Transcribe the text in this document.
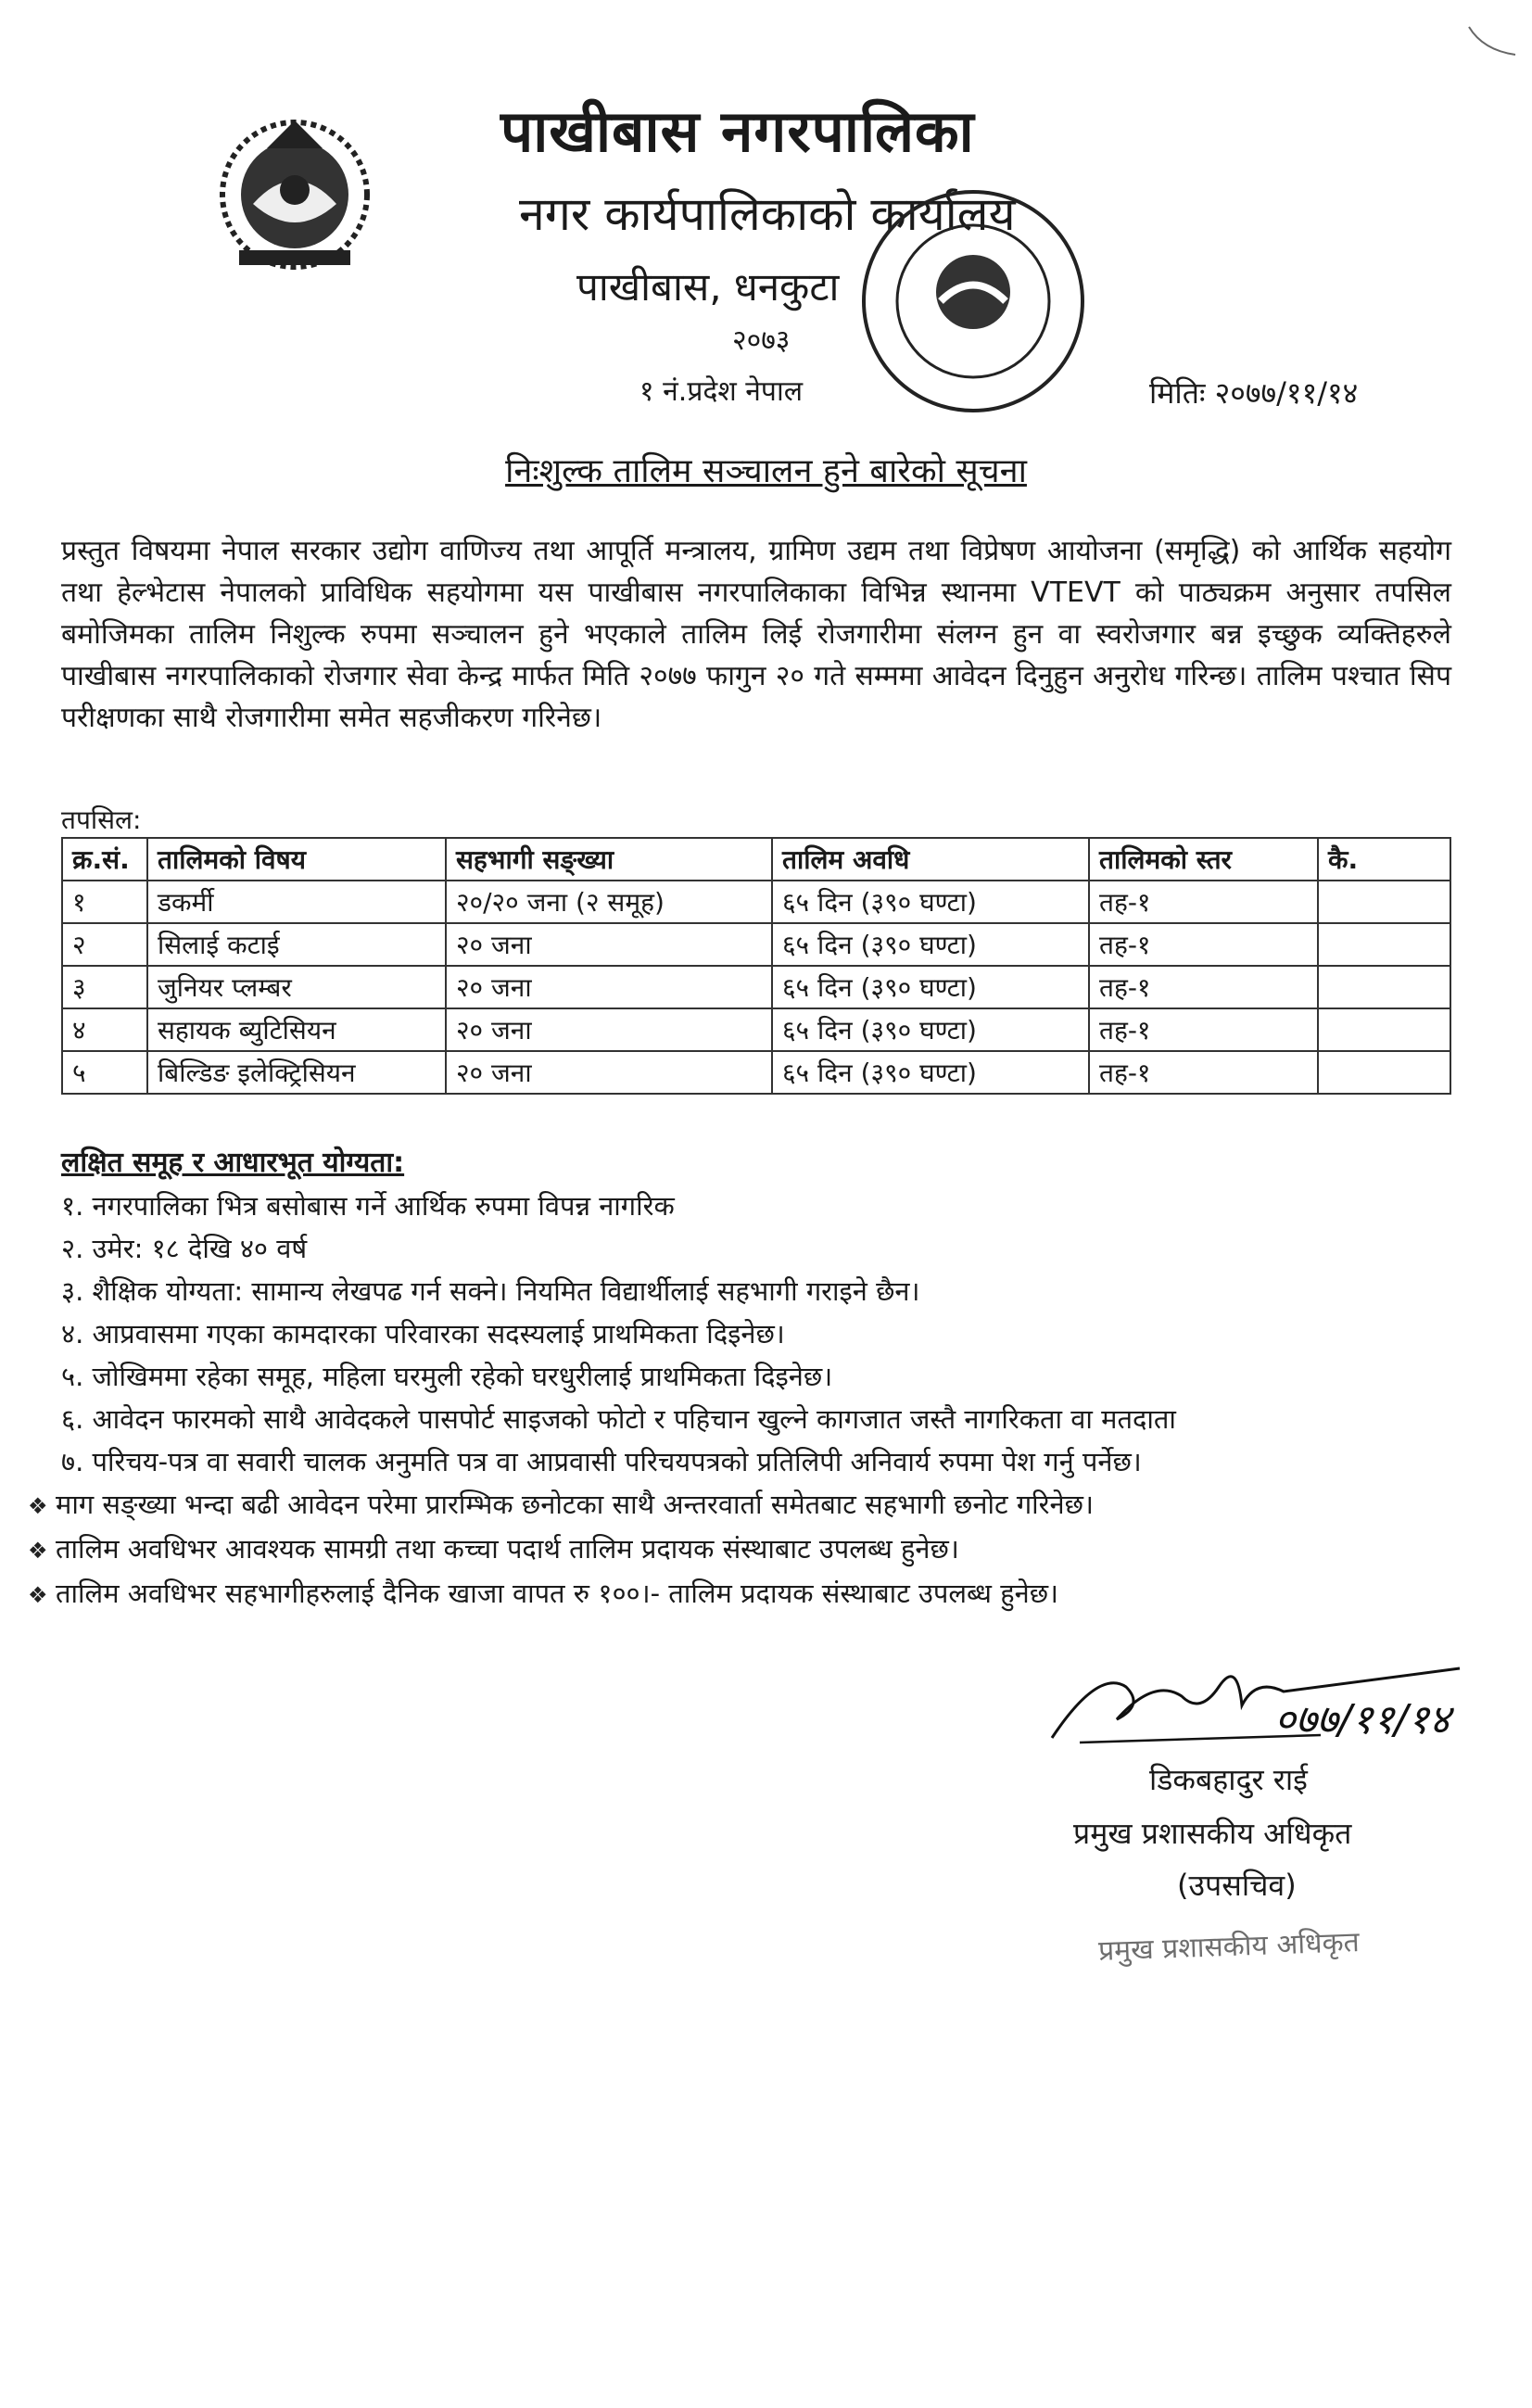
पाखीबास नगरपालिका
नगर कार्यपालिकाको कार्यालय
पाखीबास, धनकुटा
२०७३
१ नं.प्रदेश नेपाल	मितिः २०७७/११/१४
निःशुल्क तालिम सञ्चालन हुने बारेको सूचना
प्रस्तुत विषयमा नेपाल सरकार उद्योग वाणिज्य तथा आपूर्ति मन्त्रालय, ग्रामिण उद्यम तथा विप्रेषण आयोजना (समृद्धि) को आर्थिक सहयोग तथा हेल्भेटास नेपालको प्राविधिक सहयोगमा यस पाखीबास नगरपालिकाका विभिन्न स्थानमा VTEVT को पाठ्यक्रम अनुसार तपसिल बमोजिमका तालिम निशुल्क रुपमा सञ्चालन हुने भएकाले तालिम लिई रोजगारीमा संलग्न हुन वा स्वरोजगार बन्न इच्छुक व्यक्तिहरुले पाखीबास नगरपालिकाको रोजगार सेवा केन्द्र मार्फत मिति २०७७ फागुन २० गते सम्ममा आवेदन दिनुहुन अनुरोध गरिन्छ। तालिम पश्चात सिप परीक्षणका साथै रोजगारीमा समेत सहजीकरण गरिनेछ।
तपसिल:
क्र.सं.	तालिमको विषय	सहभागी सङ्ख्या	तालिम अवधि	तालिमको स्तर	कै.
१	डकर्मी	२०/२० जना (२ समूह)	६५ दिन (३९० घण्टा)	तह-१	
२	सिलाई कटाई	२० जना	६५ दिन (३९० घण्टा)	तह-१	
३	जुनियर प्लम्बर	२० जना	६५ दिन (३९० घण्टा)	तह-१	
४	सहायक ब्युटिसियन	२० जना	६५ दिन (३९० घण्टा)	तह-१	
५	बिल्डिङ इलेक्ट्रिसियन	२० जना	६५ दिन (३९० घण्टा)	तह-१	
लक्षित समूह र आधारभूत योग्यता:
१. नगरपालिका भित्र बसोबास गर्ने आर्थिक रुपमा विपन्न नागरिक
२. उमेर: १८ देखि ४० वर्ष
३. शैक्षिक योग्यता: सामान्य लेखपढ गर्न सक्ने। नियमित विद्यार्थीलाई सहभागी गराइने छैन।
४. आप्रवासमा गएका कामदारका परिवारका सदस्यलाई प्राथमिकता दिइनेछ।
५. जोखिममा रहेका समूह, महिला घरमुली रहेको घरधुरीलाई प्राथमिकता दिइनेछ।
६. आवेदन फारमको साथै आवेदकले पासपोर्ट साइजको फोटो र पहिचान खुल्ने कागजात जस्तै नागरिकता वा मतदाता
७. परिचय-पत्र वा सवारी चालक अनुमति पत्र वा आप्रवासी परिचयपत्रको प्रतिलिपी अनिवार्य रुपमा पेश गर्नु पर्नेछ।
❖ माग सङ्ख्या भन्दा बढी आवेदन परेमा प्रारम्भिक छनोटका साथै अन्तरवार्ता समेतबाट सहभागी छनोट गरिनेछ।
❖ तालिम अवधिभर आवश्यक सामग्री तथा कच्चा पदार्थ तालिम प्रदायक संस्थाबाट उपलब्ध हुनेछ।
❖ तालिम अवधिभर सहभागीहरुलाई दैनिक खाजा वापत रु १००।- तालिम प्रदायक संस्थाबाट उपलब्ध हुनेछ।
०७७/११/१४
डिकबहादुर राई
प्रमुख प्रशासकीय अधिकृत
(उपसचिव)
प्रमुख प्रशासकीय अधिकृत
